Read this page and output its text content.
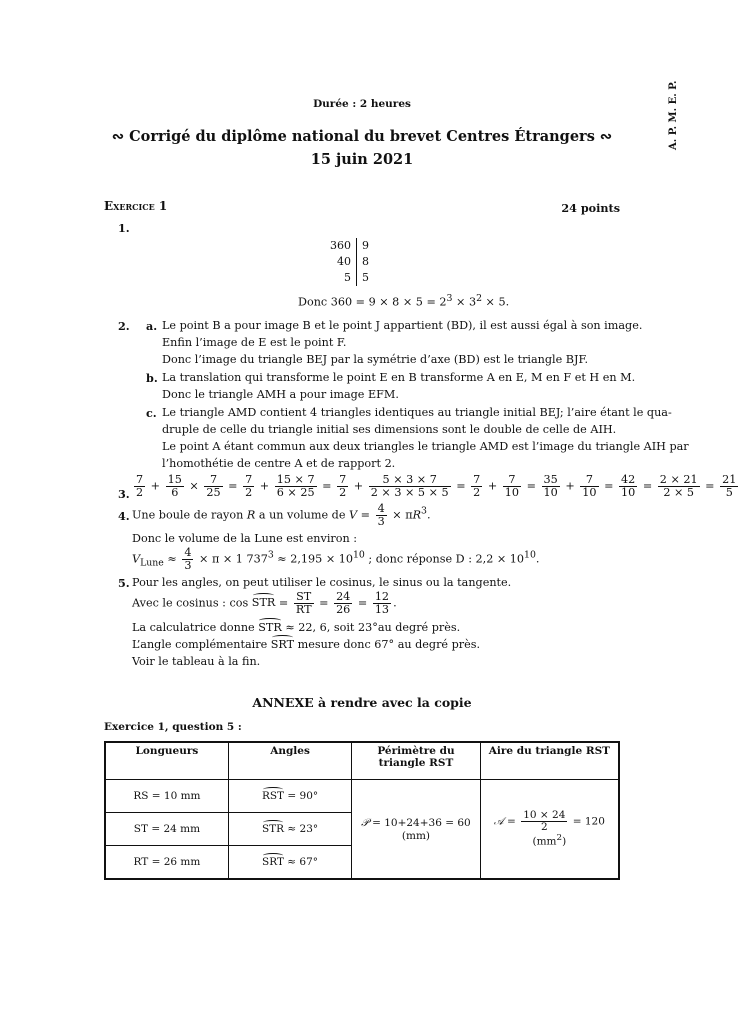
Durée : 2 heures	A. P. M. E. P.
∾ Corrigé du diplôme national du brevet Centres Étrangers ∾
15 juin 2021
Exercice 1	24 points
1.
360	9
40	8
5	5
Donc $360 = 9 \times 8 \times 5 = 2^3 \times 3^2 \times 5$.
2. a. Le point B a pour image B et le point J appartient (BD), il est aussi égal à son image.
Enfin l’image de E est le point F.
Donc l’image du triangle BEJ par la symétrie d’axe (BD) est le triangle BJF.
b. La translation qui transforme le point E en B transforme A en E, M en F et H en M.
Donc le triangle AMH a pour image EFM.
c. Le triangle AMD contient 4 triangles identiques au triangle initial BEJ; l’aire étant le qua-
druple de celle du triangle initial ses dimensions sont le double de celle de AIH.
Le point A étant commun aux deux triangles le triangle AMD est l’image du triangle AIH par
l’homothétie de centre A et de rapport 2.
3. $\frac{7}{2} + \frac{15}{6} \times \frac{7}{25} = \frac{7}{2} + \frac{15 \times 7}{6 \times 25} = \frac{7}{2} + \frac{5 \times 3 \times 7}{2 \times 3 \times 5 \times 5} = \frac{7}{2} + \frac{7}{10} = \frac{35}{10} + \frac{7}{10} = \frac{42}{10} = \frac{2 \times 21}{2 \times 5} = \frac{21}{5}$
4. Une boule de rayon R a un volume de $V = \frac{4}{3} \times \pi R^3$.
Donc le volume de la Lune est environ :
$V_{Lune} \approx \frac{4}{3} \times \pi \times 1$ $737^3 \approx 2,195 \times 10^{10}$ ; donc réponse D : $2,2 \times 10^{10}$.
5. Pour les angles, on peut utiliser le cosinus, le sinus ou la tangente.
Avec le cosinus : cos STR = $\frac{ST}{RT} = \frac{24}{26} = \frac{12}{13}$ .
La calculatrice donne STR ≈ 22, 6, soit 23°au degré près.
L’angle complémentaire SRT mesure donc 67° au degré près.
Voir le tableau à la fin.
ANNEXE à rendre avec la copie
Exercice 1, question 5 :
Longueurs	Angles	Périmètre du triangle RST	Aire du triangle RST
RS = 10 mm	RST = 90°	𝒫 = 10+24+36 = 60 (mm)	𝒜 = $\frac{10 \times 24}{2} = 120$ $(mm^2)$
ST = 24 mm	STR ≈ 23°		
RT = 26 mm	SRT ≈ 67°		
